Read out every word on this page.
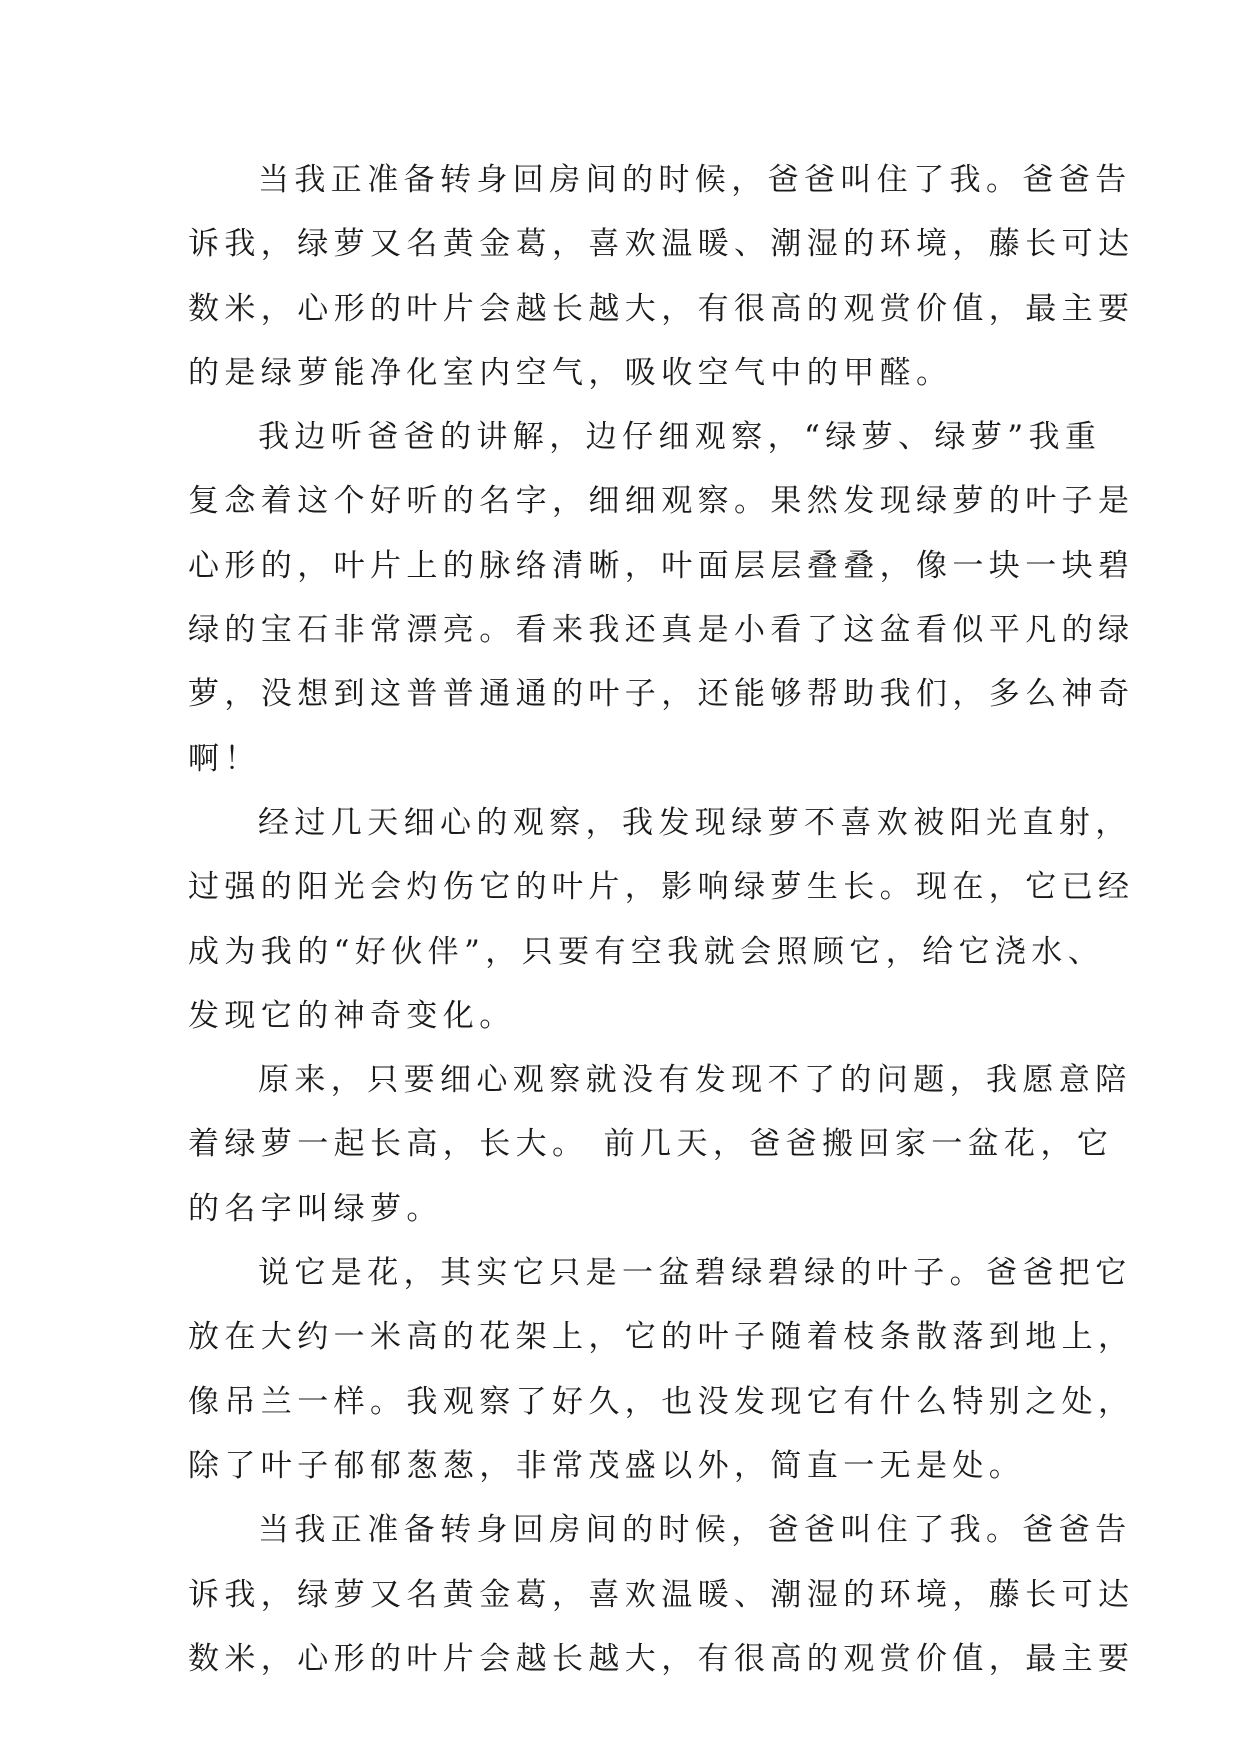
当我正准备转身回房间的时候，爸爸叫住了我。爸爸告
诉我，绿萝又名黄金葛，喜欢温暖、潮湿的环境，藤长可达
数米，心形的叶片会越长越大，有很高的观赏价值，最主要
的是绿萝能净化室内空气，吸收空气中的甲醛。
我边听爸爸的讲解，边仔细观察，“绿萝、绿萝”我重
复念着这个好听的名字，细细观察。果然发现绿萝的叶子是
心形的，叶片上的脉络清晰，叶面层层叠叠，像一块一块碧
绿的宝石非常漂亮。看来我还真是小看了这盆看似平凡的绿
萝，没想到这普普通通的叶子，还能够帮助我们，多么神奇
啊！
经过几天细心的观察，我发现绿萝不喜欢被阳光直射，
过强的阳光会灼伤它的叶片，影响绿萝生长。现在，它已经
成为我的“好伙伴”，只要有空我就会照顾它，给它浇水、
发现它的神奇变化。
原来，只要细心观察就没有发现不了的问题，我愿意陪
着绿萝一起长高，长大。 前几天，爸爸搬回家一盆花，它
的名字叫绿萝。
说它是花，其实它只是一盆碧绿碧绿的叶子。爸爸把它
放在大约一米高的花架上，它的叶子随着枝条散落到地上，
像吊兰一样。我观察了好久，也没发现它有什么特别之处，
除了叶子郁郁葱葱，非常茂盛以外，简直一无是处。
当我正准备转身回房间的时候，爸爸叫住了我。爸爸告
诉我，绿萝又名黄金葛，喜欢温暖、潮湿的环境，藤长可达
数米，心形的叶片会越长越大，有很高的观赏价值，最主要
